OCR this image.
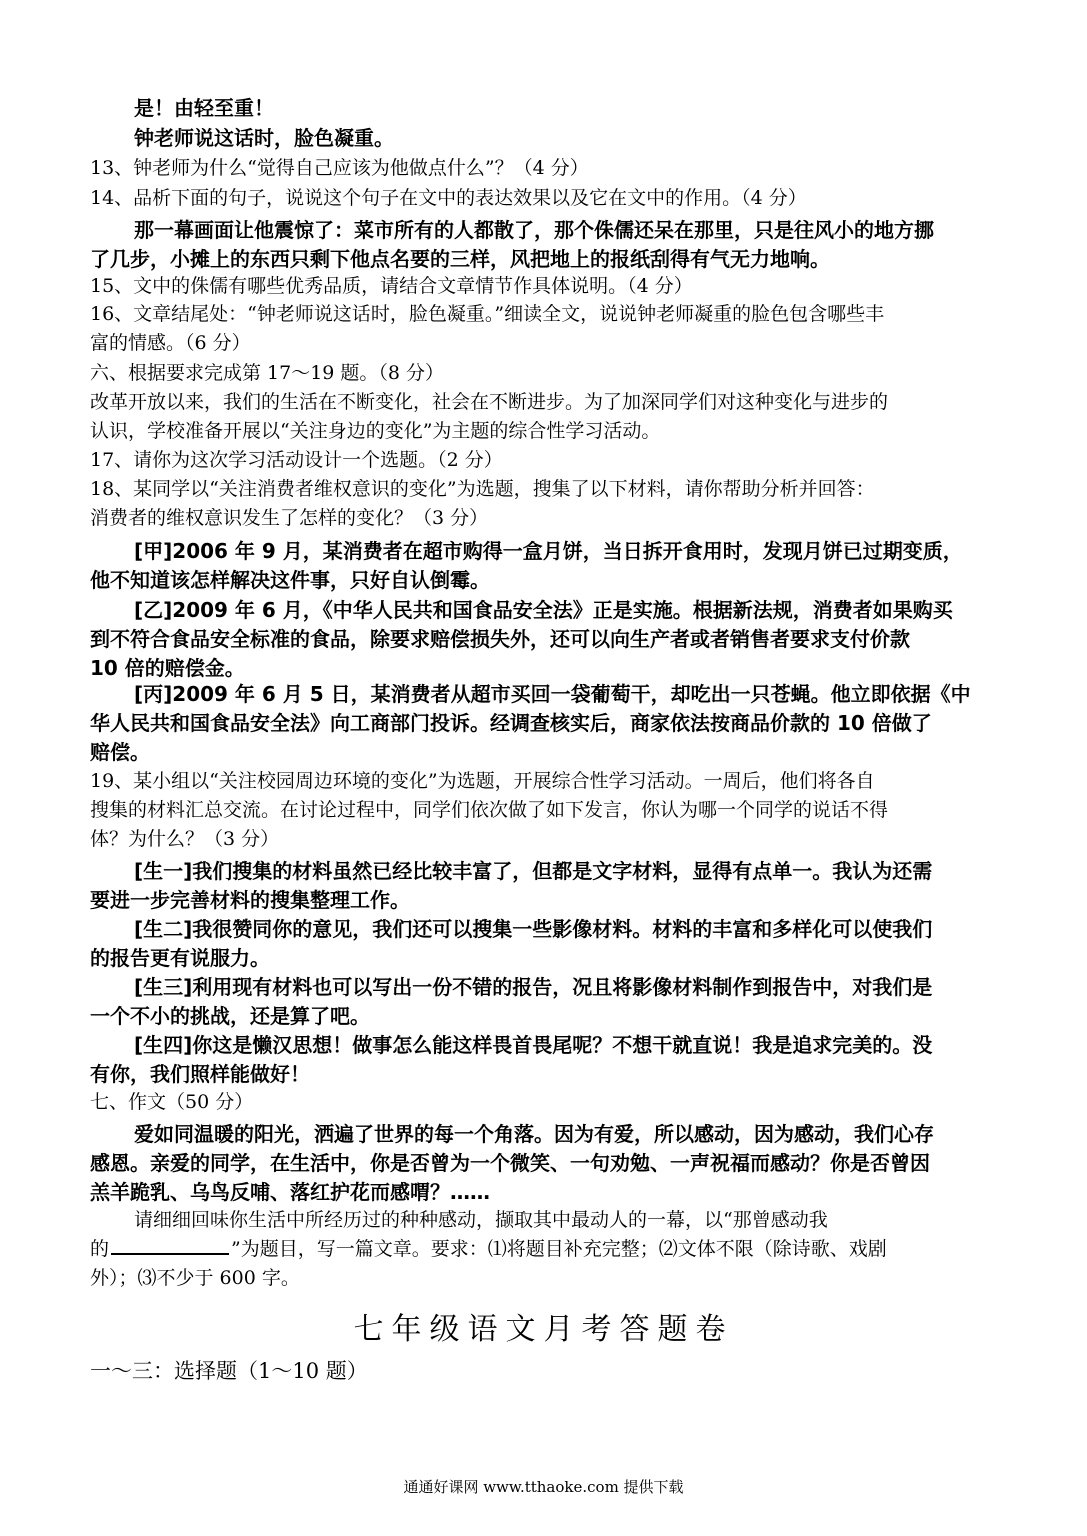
是！由轻至重！
钟老师说这话时，脸色凝重。
13、钟老师为什么“觉得自己应该为他做点什么”？（4 分）
14、品析下面的句子，说说这个句子在文中的表达效果以及它在文中的作用。（4 分）
那一幕画面让他震惊了：菜市所有的人都散了，那个侏儒还呆在那里，只是往风小的地方挪
了几步，小摊上的东西只剩下他点名要的三样，风把地上的报纸刮得有气无力地响。
15、文中的侏儒有哪些优秀品质，请结合文章情节作具体说明。（4 分）
16、文章结尾处：“钟老师说这话时，脸色凝重。”细读全文，说说钟老师凝重的脸色包含哪些丰
富的情感。（6 分）
六、根据要求完成第 17～19 题。（8 分）
改革开放以来，我们的生活在不断变化，社会在不断进步。为了加深同学们对这种变化与进步的
认识，学校准备开展以“关注身边的变化”为主题的综合性学习活动。
17、请你为这次学习活动设计一个选题。（2 分）
18、某同学以“关注消费者维权意识的变化”为选题，搜集了以下材料，请你帮助分析并回答：
消费者的维权意识发生了怎样的变化？（3 分）
[甲]2006 年 9 月，某消费者在超市购得一盒月饼，当日拆开食用时，发现月饼已过期变质，
他不知道该怎样解决这件事，只好自认倒霉。
[乙]2009 年 6 月，《中华人民共和国食品安全法》正是实施。根据新法规，消费者如果购买
到不符合食品安全标准的食品，除要求赔偿损失外，还可以向生产者或者销售者要求支付价款
10 倍的赔偿金。
[丙]2009 年 6 月 5 日，某消费者从超市买回一袋葡萄干，却吃出一只苍蝇。他立即依据《中
华人民共和国食品安全法》向工商部门投诉。经调查核实后，商家依法按商品价款的 10 倍做了
赔偿。
19、某小组以“关注校园周边环境的变化”为选题，开展综合性学习活动。一周后，他们将各自
搜集的材料汇总交流。在讨论过程中，同学们依次做了如下发言，你认为哪一个同学的说话不得
体？为什么？（3 分）
[生一]我们搜集的材料虽然已经比较丰富了，但都是文字材料，显得有点单一。我认为还需
要进一步完善材料的搜集整理工作。
[生二]我很赞同你的意见，我们还可以搜集一些影像材料。材料的丰富和多样化可以使我们
的报告更有说服力。
[生三]利用现有材料也可以写出一份不错的报告，况且将影像材料制作到报告中，对我们是
一个不小的挑战，还是算了吧。
[生四]你这是懒汉思想！做事怎么能这样畏首畏尾呢？不想干就直说！我是追求完美的。没
有你，我们照样能做好！
七、作文（50 分）
爱如同温暖的阳光，洒遍了世界的每一个角落。因为有爱，所以感动，因为感动，我们心存
感恩。亲爱的同学，在生活中，你是否曾为一个微笑、一句劝勉、一声祝福而感动？你是否曾因
羔羊跪乳、乌鸟反哺、落红护花而感喟？……
请细细回味你生活中所经历过的种种感动，撷取其中最动人的一幕，以“那曾感动我
的	”为题目，写一篇文章。要求：⑴将题目补充完整；⑵文体不限（除诗歌、戏剧
外）；⑶不少于 600 字。
七年级语文月考答题卷
一～三：选择题（1～10 题）
通通好课网 www.tthaoke.com 提供下载
